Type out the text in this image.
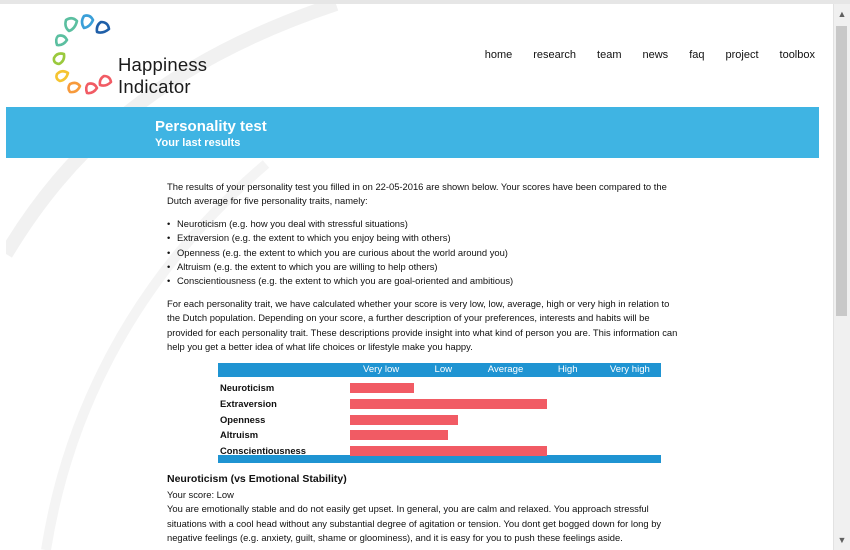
Happiness Indicator
home research team news faq project toolbox
Personality test
Your last results

The results of your personality test you filled in on 22-05-2016 are shown below. Your scores have been compared to the Dutch average for five personality traits, namely:

• Neuroticism (e.g. how you deal with stressful situations)
• Extraversion (e.g. the extent to which you enjoy being with others)
• Openness (e.g. the extent to which you are curious about the world around you)
• Altruism (e.g. the extent to which you are willing to help others)
• Conscientiousness (e.g. the extent to which you are goal-oriented and ambitious)

For each personality trait, we have calculated whether your score is very low, low, average, high or very high in relation to the Dutch population. Depending on your score, a further description of your preferences, interests and habits will be provided for each personality trait. These descriptions provide insight into what kind of person you are. This information can help you get a better idea of what life choices or lifestyle make you happy.

Very low	Low	Average	High	Very high
Neuroticism
Extraversion
Openness
Altruism
Conscientiousness
Neuroticism (vs Emotional Stability)

Your score: Low

You are emotionally stable and do not easily get upset. In general, you are calm and relaxed. You approach stressful situations with a cool head without any substantial degree of agitation or tension. You dont get bogged down for long by negative feelings (e.g. anxiety, guilt, shame or gloominess), and it is easy for you to push these feelings aside.

▲
▼
